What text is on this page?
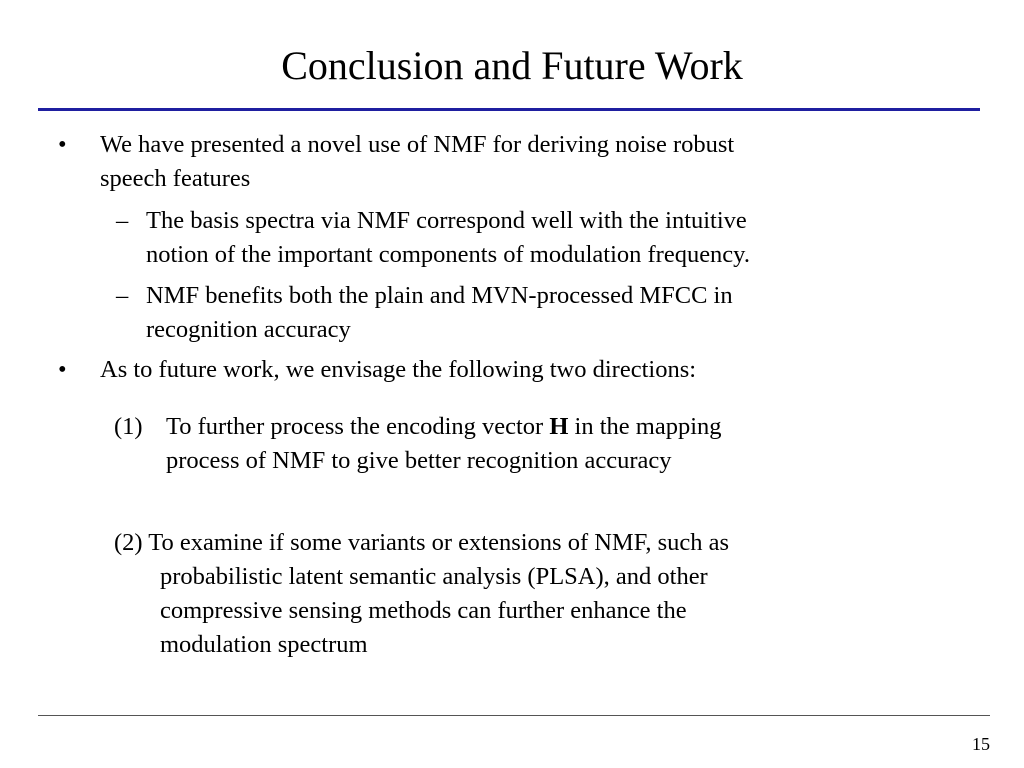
Conclusion and Future Work
• We have presented a novel use of NMF for deriving noise robust
speech features
– The basis spectra via NMF correspond well with the intuitive
notion of the important components of modulation frequency.
– NMF benefits both the plain and MVN-processed MFCC in
recognition accuracy
• As to future work, we envisage the following two directions:
(1) To further process the encoding vector H in the mapping
process of NMF to give better recognition accuracy
(2) To examine if some variants or extensions of NMF, such as
probabilistic latent semantic analysis (PLSA), and other
compressive sensing methods can further enhance the
modulation spectrum
15
